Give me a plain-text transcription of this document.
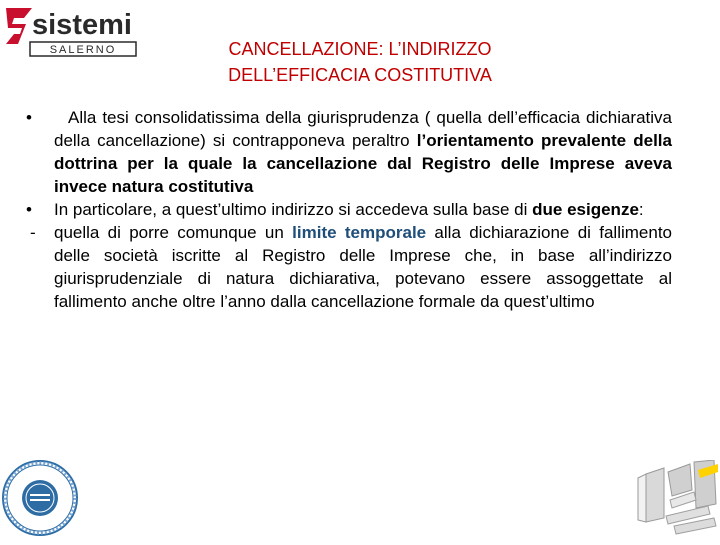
sistemi
SALERNO	CANCELLAZIONE: L’INDIRIZZO
DELL’EFFICACIA COSTITUTIVA
• Alla tesi consolidatissima della giurisprudenza ( quella dell’efficacia dichiarativa della cancellazione) si contrapponeva peraltro l’orientamento prevalente della dottrina per la quale la cancellazione dal Registro delle Imprese aveva invece natura costitutiva
• In particolare, a quest’ultimo indirizzo si accedeva sulla base di due esigenze:
- quella di porre comunque un limite temporale alla dichiarazione di fallimento delle società iscritte al Registro delle Imprese che, in base all’indirizzo giurisprudenziale di natura dichiarativa, potevano essere assoggettate al fallimento anche oltre l’anno dalla cancellazione formale da quest’ultimo
